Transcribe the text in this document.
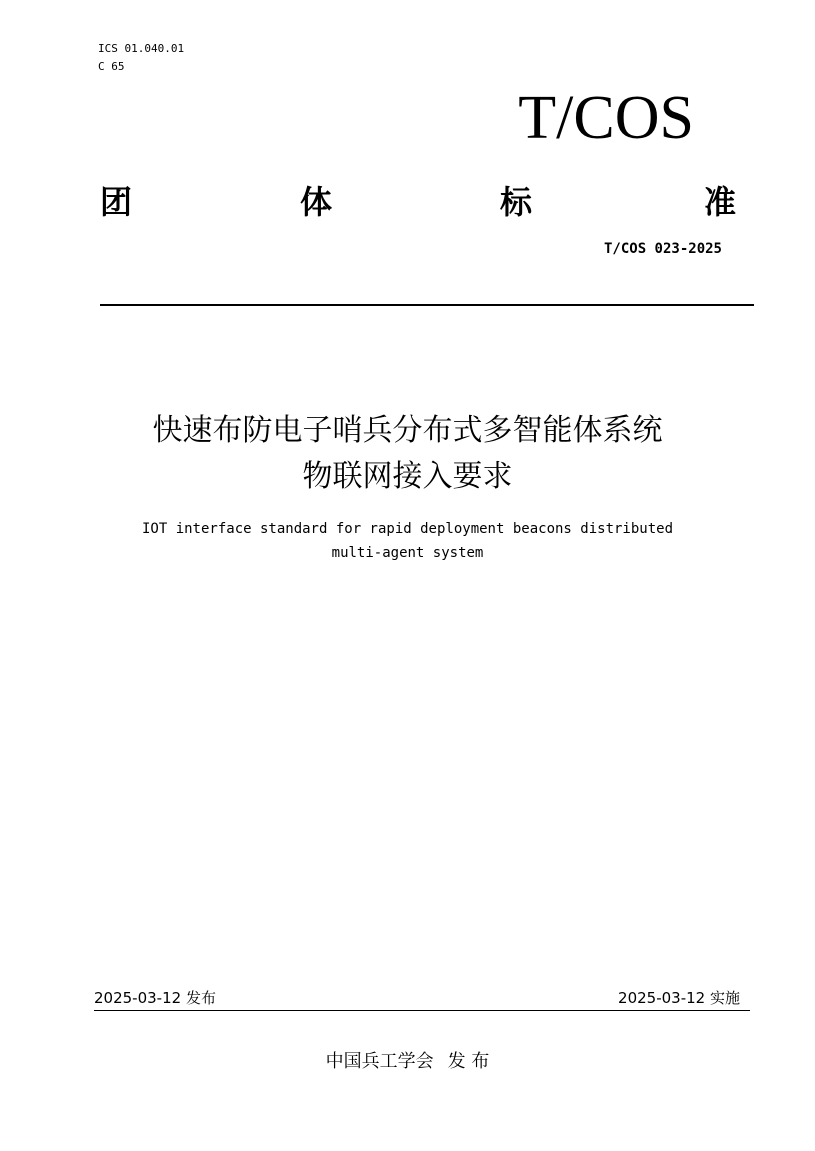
ICS 01.040.01
C 65
T/COS
团	体	标	准
T/COS 023-2025
快速布防电子哨兵分布式多智能体系统
物联网接入要求
IOT interface standard for rapid deployment beacons distributed
multi-agent system
2025-03-12 发布	2025-03-12 实施
中国兵工学会 发 布
